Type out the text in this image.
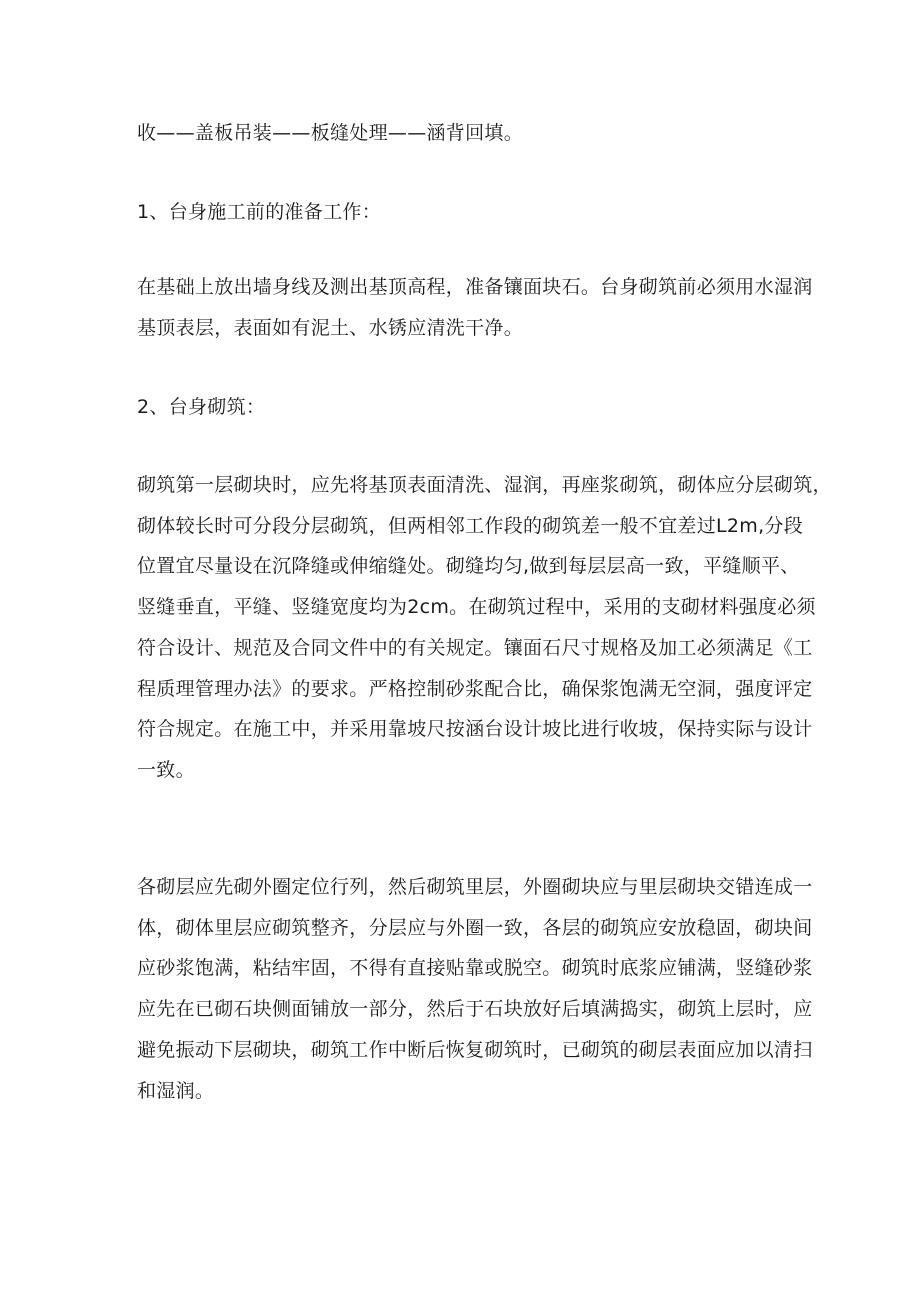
收——盖板吊装——板缝处理——涵背回填。

1、台身施工前的准备工作：

在基础上放出墙身线及测出基顶高程，准备镶面块石。台身砌筑前必须用水湿润
基顶表层，表面如有泥土、水锈应清洗干净。

2、台身砌筑：

砌筑第一层砌块时，应先将基顶表面清洗、湿润，再座浆砌筑，砌体应分层砌筑，
砌体较长时可分段分层砌筑，但两相邻工作段的砌筑差一般不宜差过L2m,分段
位置宜尽量设在沉降缝或伸缩缝处。砌缝均匀,做到每层层高一致，平缝顺平、
竖缝垂直，平缝、竖缝宽度均为2cm。在砌筑过程中，采用的支砌材料强度必须
符合设计、规范及合同文件中的有关规定。镶面石尺寸规格及加工必须满足《工
程质理管理办法》的要求。严格控制砂浆配合比，确保浆饱满无空洞，强度评定
符合规定。在施工中，并采用靠坡尺按涵台设计坡比进行收坡，保持实际与设计
一致。

各砌层应先砌外圈定位行列，然后砌筑里层，外圈砌块应与里层砌块交错连成一
体，砌体里层应砌筑整齐，分层应与外圈一致，各层的砌筑应安放稳固，砌块间
应砂浆饱满，粘结牢固，不得有直接贴靠或脱空。砌筑时底浆应铺满，竖缝砂浆
应先在已砌石块侧面铺放一部分，然后于石块放好后填满捣实，砌筑上层时，应
避免振动下层砌块，砌筑工作中断后恢复砌筑时，已砌筑的砌层表面应加以清扫
和湿润。
